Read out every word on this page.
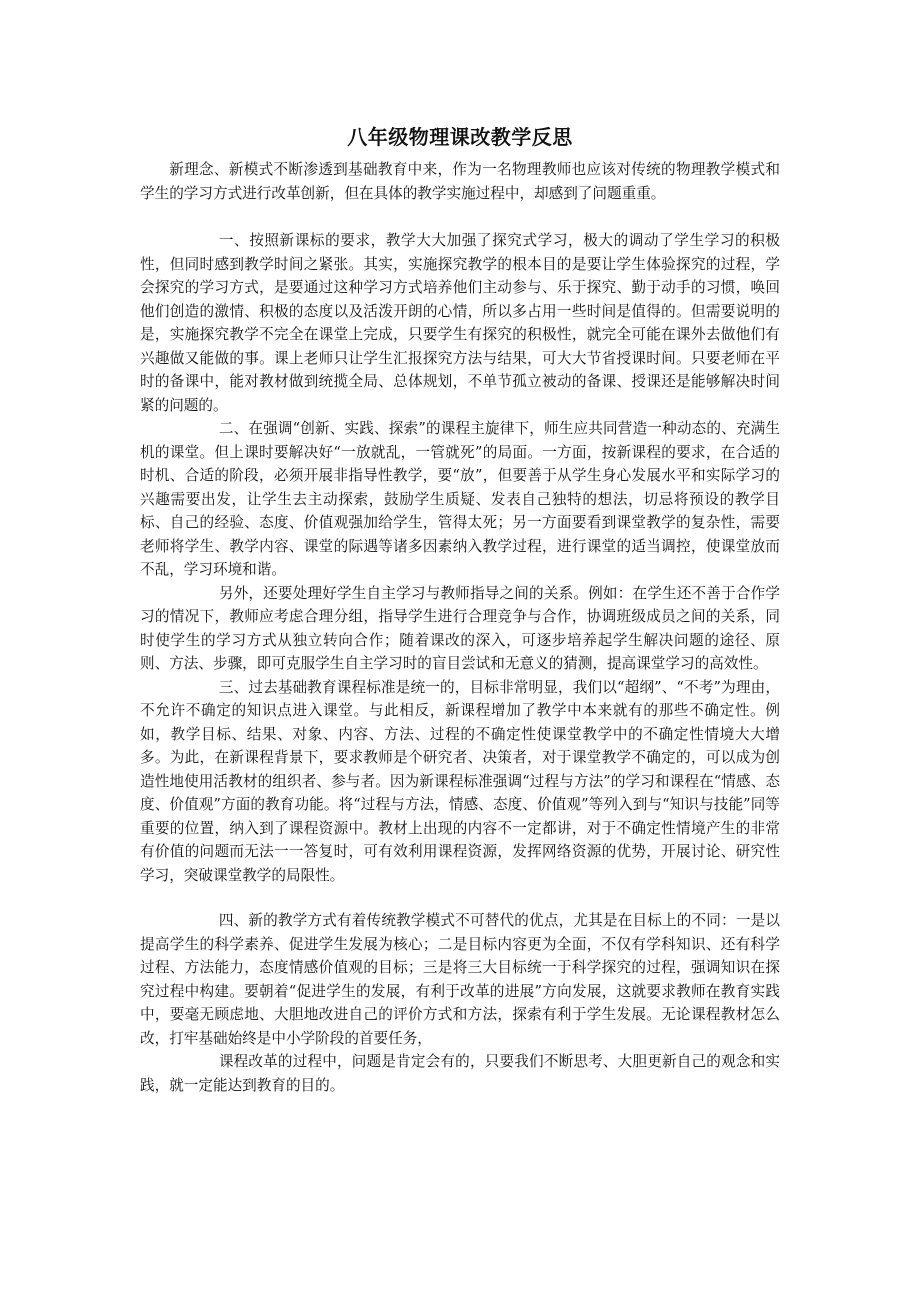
八年级物理课改教学反思

新理念、新模式不断渗透到基础教育中来，作为一名物理教师也应该对传统的物理教学模式和学生的学习方式进行改革创新，但在具体的教学实施过程中，却感到了问题重重。

一、按照新课标的要求，教学大大加强了探究式学习，极大的调动了学生学习的积极性，但同时感到教学时间之紧张。其实，实施探究教学的根本目的是要让学生体验探究的过程，学会探究的学习方式，是要通过这种学习方式培养他们主动参与、乐于探究、勤于动手的习惯，唤回他们创造的激情、积极的态度以及活泼开朗的心情，所以多占用一些时间是值得的。但需要说明的是，实施探究教学不完全在课堂上完成，只要学生有探究的积极性，就完全可能在课外去做他们有兴趣做又能做的事。课上老师只让学生汇报探究方法与结果，可大大节省授课时间。只要老师在平时的备课中，能对教材做到统揽全局、总体规划，不单节孤立被动的备课、授课还是能够解决时间紧的问题的。

二、在强调“创新、实践、探索”的课程主旋律下，师生应共同营造一种动态的、充满生机的课堂。但上课时要解决好“一放就乱，一管就死”的局面。一方面，按新课程的要求，在合适的时机、合适的阶段，必须开展非指导性教学，要“放”，但要善于从学生身心发展水平和实际学习的兴趣需要出发，让学生去主动探索，鼓励学生质疑、发表自己独特的想法，切忌将预设的教学目标、自己的经验、态度、价值观强加给学生，管得太死；另一方面要看到课堂教学的复杂性，需要老师将学生、教学内容、课堂的际遇等诸多因素纳入教学过程，进行课堂的适当调控，使课堂放而不乱，学习环境和谐。

另外，还要处理好学生自主学习与教师指导之间的关系。例如：在学生还不善于合作学习的情况下，教师应考虑合理分组，指导学生进行合理竞争与合作，协调班级成员之间的关系，同时使学生的学习方式从独立转向合作；随着课改的深入，可逐步培养起学生解决问题的途径、原则、方法、步骤，即可克服学生自主学习时的盲目尝试和无意义的猜测，提高课堂学习的高效性。

三、过去基础教育课程标准是统一的，目标非常明显，我们以“超纲”、“不考”为理由，不允许不确定的知识点进入课堂。与此相反，新课程增加了教学中本来就有的那些不确定性。例如，教学目标、结果、对象、内容、方法、过程的不确定性使课堂教学中的不确定性情境大大增多。为此，在新课程背景下，要求教师是个研究者、决策者，对于课堂教学不确定的，可以成为创造性地使用活教材的组织者、参与者。因为新课程标准强调“过程与方法”的学习和课程在“情感、态度、价值观”方面的教育功能。将“过程与方法，情感、态度、价值观”等列入到与“知识与技能”同等重要的位置，纳入到了课程资源中。教材上出现的内容不一定都讲，对于不确定性情境产生的非常有价值的问题而无法一一答复时，可有效利用课程资源，发挥网络资源的优势，开展讨论、研究性学习，突破课堂教学的局限性。

四、新的教学方式有着传统教学模式不可替代的优点，尤其是在目标上的不同：一是以提高学生的科学素养、促进学生发展为核心；二是目标内容更为全面，不仅有学科知识、还有科学过程、方法能力，态度情感价值观的目标；三是将三大目标统一于科学探究的过程，强调知识在探究过程中构建。要朝着“促进学生的发展，有利于改革的进展”方向发展，这就要求教师在教育实践中，要毫无顾虑地、大胆地改进自己的评价方式和方法，探索有利于学生发展。无论课程教材怎么改，打牢基础始终是中小学阶段的首要任务，

课程改革的过程中，问题是肯定会有的，只要我们不断思考、大胆更新自己的观念和实践，就一定能达到教育的目的。
